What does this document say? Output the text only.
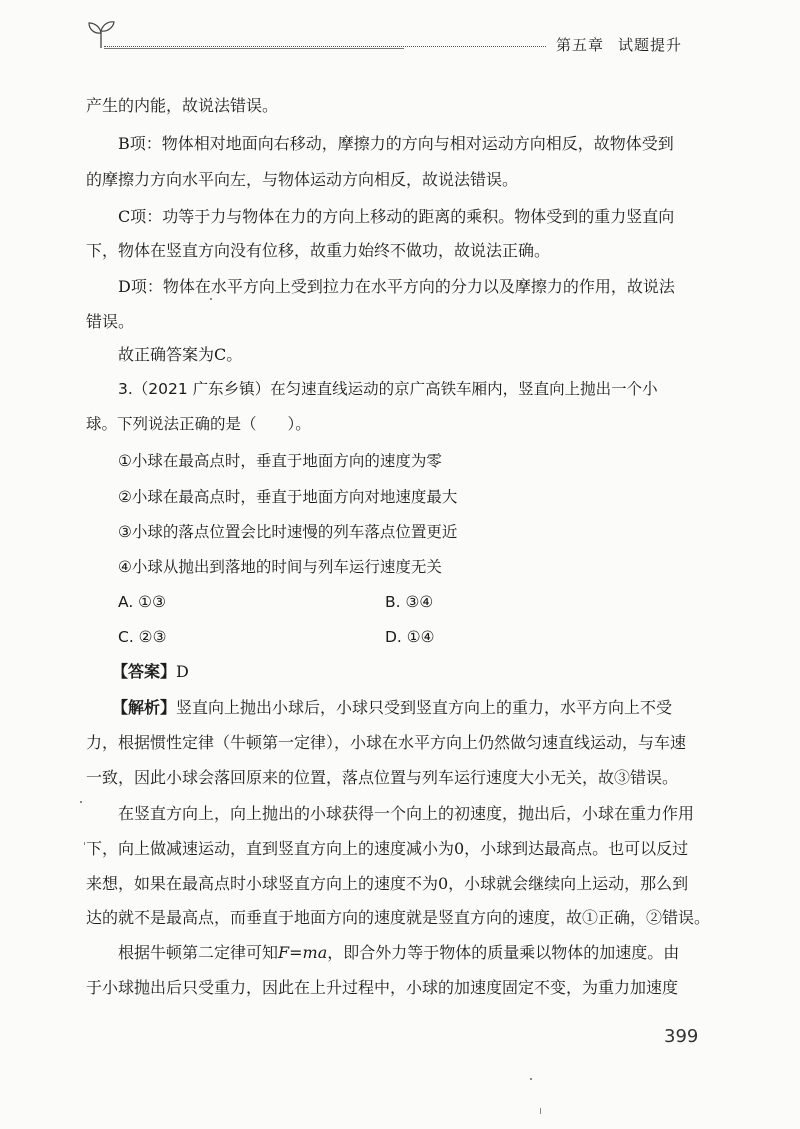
第五章 试题提升
产生的内能，故说法错误。
B项：物体相对地面向右移动，摩擦力的方向与相对运动方向相反，故物体受到
的摩擦力方向水平向左，与物体运动方向相反，故说法错误。
C项：功等于力与物体在力的方向上移动的距离的乘积。物体受到的重力竖直向
下，物体在竖直方向没有位移，故重力始终不做功，故说法正确。
D项：物体在水平方向上受到拉力在水平方向的分力以及摩擦力的作用，故说法
错误。
故正确答案为C。
3.（2021 广东乡镇）在匀速直线运动的京广高铁车厢内，竖直向上抛出一个小
球。下列说法正确的是（　　）。
①小球在最高点时，垂直于地面方向的速度为零
②小球在最高点时，垂直于地面方向对地速度最大
③小球的落点位置会比时速慢的列车落点位置更近
④小球从抛出到落地的时间与列车运行速度无关
A. ①③	B. ③④
C. ②③	D. ①④
【答案】D
【解析】竖直向上抛出小球后，小球只受到竖直方向上的重力，水平方向上不受
力，根据惯性定律（牛顿第一定律），小球在水平方向上仍然做匀速直线运动，与车速
一致，因此小球会落回原来的位置，落点位置与列车运行速度大小无关，故③错误。
在竖直方向上，向上抛出的小球获得一个向上的初速度，抛出后，小球在重力作用
下，向上做减速运动，直到竖直方向上的速度减小为0，小球到达最高点。也可以反过
来想，如果在最高点时小球竖直方向上的速度不为0，小球就会继续向上运动，那么到
达的就不是最高点，而垂直于地面方向的速度就是竖直方向的速度，故①正确，②错误。
根据牛顿第二定律可知F=ma，即合外力等于物体的质量乘以物体的加速度。由
于小球抛出后只受重力，因此在上升过程中，小球的加速度固定不变，为重力加速度
399
